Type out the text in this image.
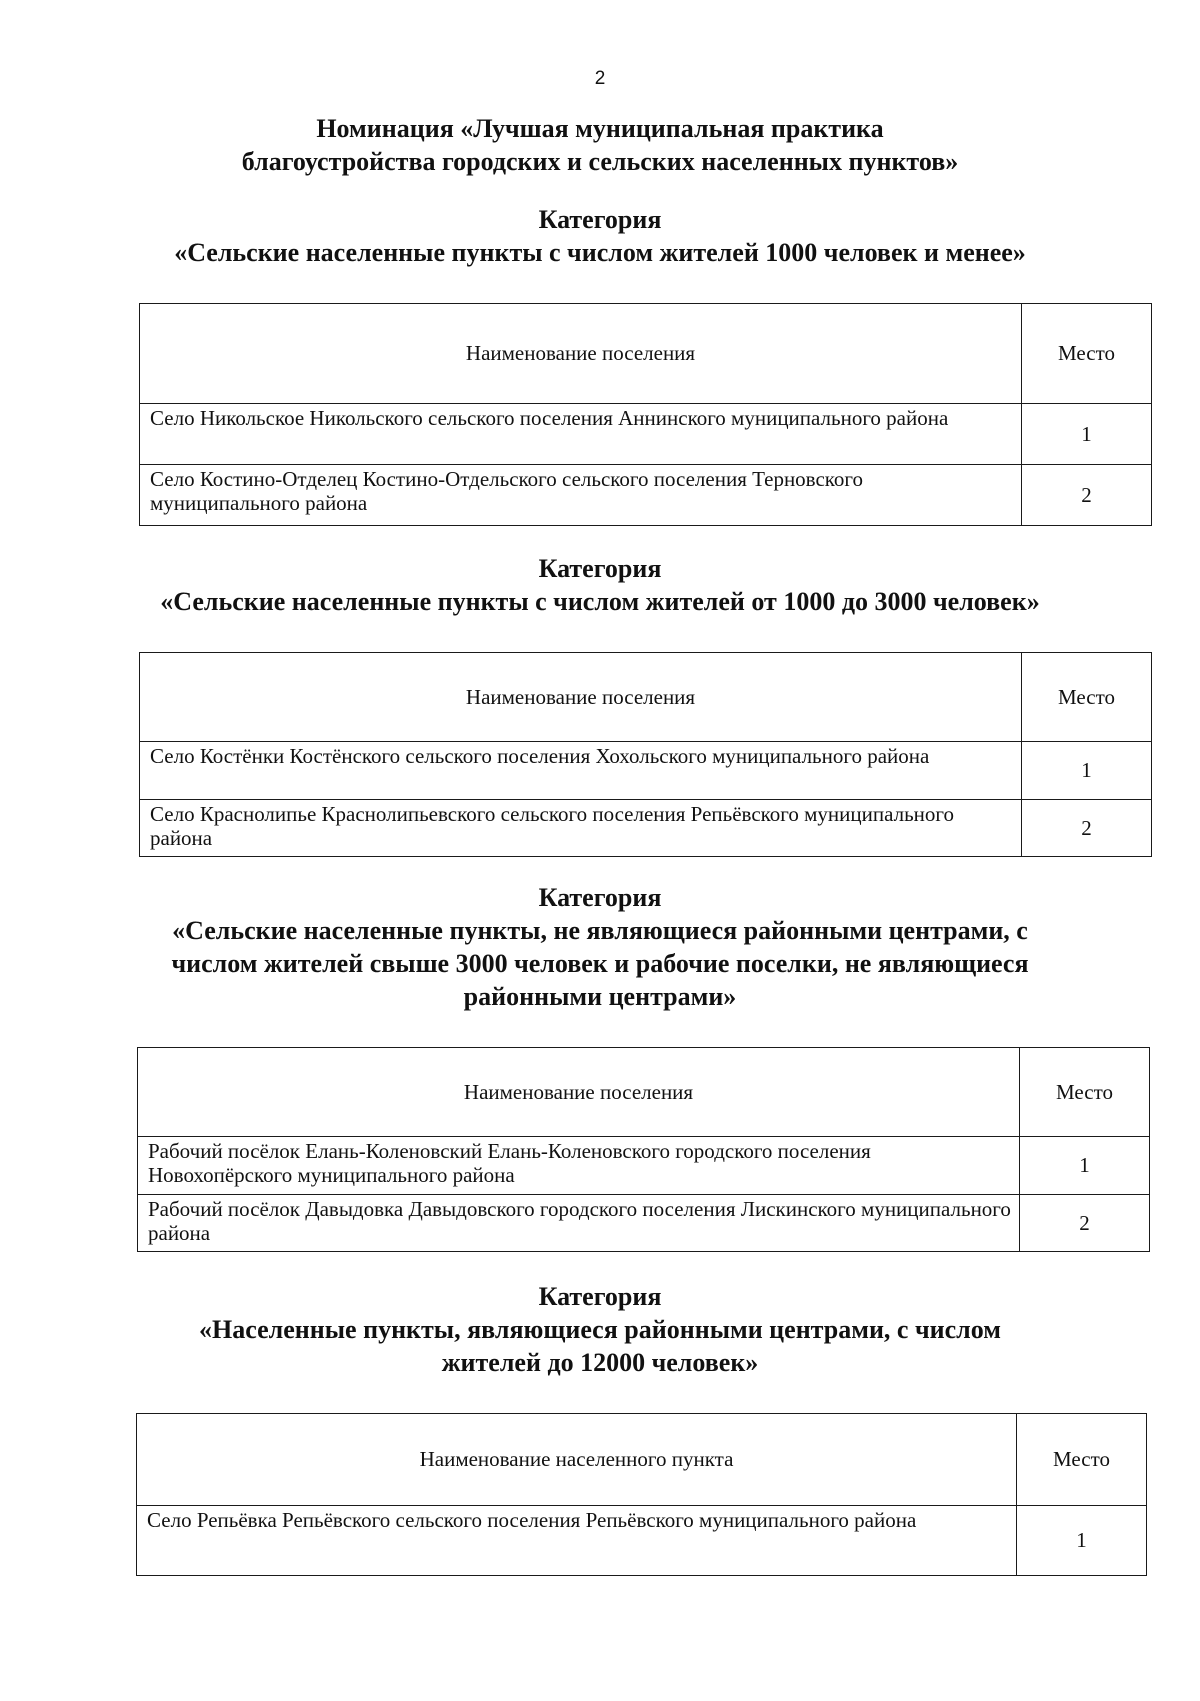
2
Номинация «Лучшая муниципальная практика
благоустройства городских и сельских населенных пунктов»
Категория
«Сельские населенные пункты с числом жителей 1000 человек и менее»
Наименование поселения	Место
Село Никольское Никольского сельского поселения Аннинского муниципального района	1
Село Костино-Отделец Костино-Отдельского сельского поселения Терновского муниципального района	2
Категория
«Сельские населенные пункты с числом жителей от 1000 до 3000 человек»
Наименование поселения	Место
Село Костёнки Костёнского сельского поселения Хохольского муниципального района	1
Село Краснолипье Краснолипьевского сельского поселения Репьёвского муниципального района	2
Категория
«Сельские населенные пункты, не являющиеся районными центрами, с
числом жителей свыше 3000 человек и рабочие поселки, не являющиеся
районными центрами»
Наименование поселения	Место
Рабочий посёлок Елань-Коленовский Елань-Коленовского городского поселения Новохопёрского муниципального района	1
Рабочий посёлок Давыдовка Давыдовского городского поселения Лискинского муниципального района	2
Категория
«Населенные пункты, являющиеся районными центрами, с числом
жителей до 12000 человек»
Наименование населенного пункта	Место
Село Репьёвка Репьёвского сельского поселения Репьёвского муниципального района	1
